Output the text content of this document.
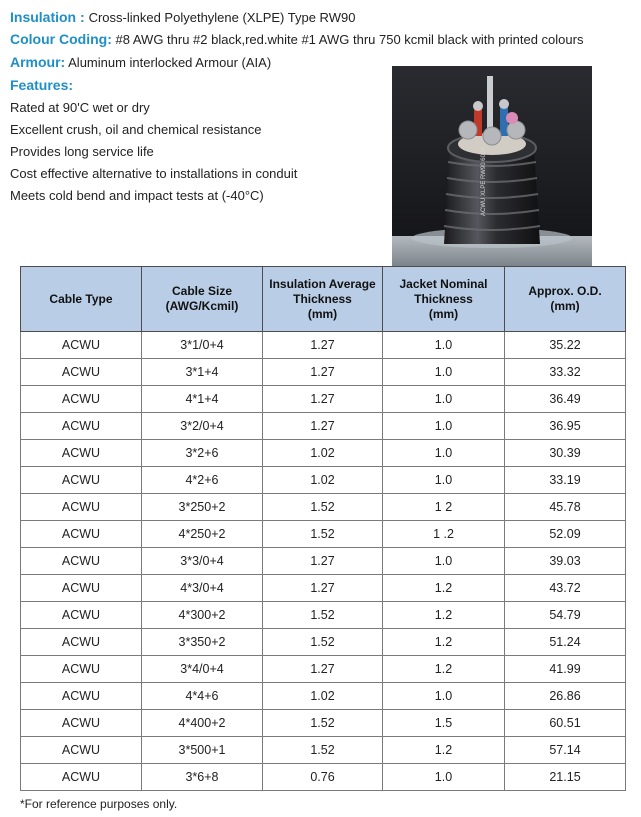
Insulation : Cross-linked Polyethylene (XLPE) Type RW90
Colour Coding: #8 AWG thru #2 black,red.white #1 AWG thru 750 kcmil black with printed colours
Armour: Aluminum interlocked Armour (AIA)
Features:
Rated at 90'C wet or dry
Excellent crush, oil and chemical resistance
Provides long service life
Cost effective alternative to installations in conduit
Meets cold bend and impact tests at (-40°C)	ACWU XLPE RW90 600V
Cable Type	Cable Size
(AWG/Kcmil)	Insulation Average
Thickness
(mm)	Jacket Nominal
Thickness
(mm)	Approx. O.D.
(mm)
ACWU	3*1/0+4	1.27	1.0	35.22
ACWU	3*1+4	1.27	1.0	33.32
ACWU	4*1+4	1.27	1.0	36.49
ACWU	3*2/0+4	1.27	1.0	36.95
ACWU	3*2+6	1.02	1.0	30.39
ACWU	4*2+6	1.02	1.0	33.19
ACWU	3*250+2	1.52	1 2	45.78
ACWU	4*250+2	1.52	1 .2	52.09
ACWU	3*3/0+4	1.27	1.0	39.03
ACWU	4*3/0+4	1.27	1.2	43.72
ACWU	4*300+2	1.52	1.2	54.79
ACWU	3*350+2	1.52	1.2	51.24
ACWU	3*4/0+4	1.27	1.2	41.99
ACWU	4*4+6	1.02	1.0	26.86
ACWU	4*400+2	1.52	1.5	60.51
ACWU	3*500+1	1.52	1.2	57.14
ACWU	3*6+8	0.76	1.0	21.15
*For reference purposes only.
